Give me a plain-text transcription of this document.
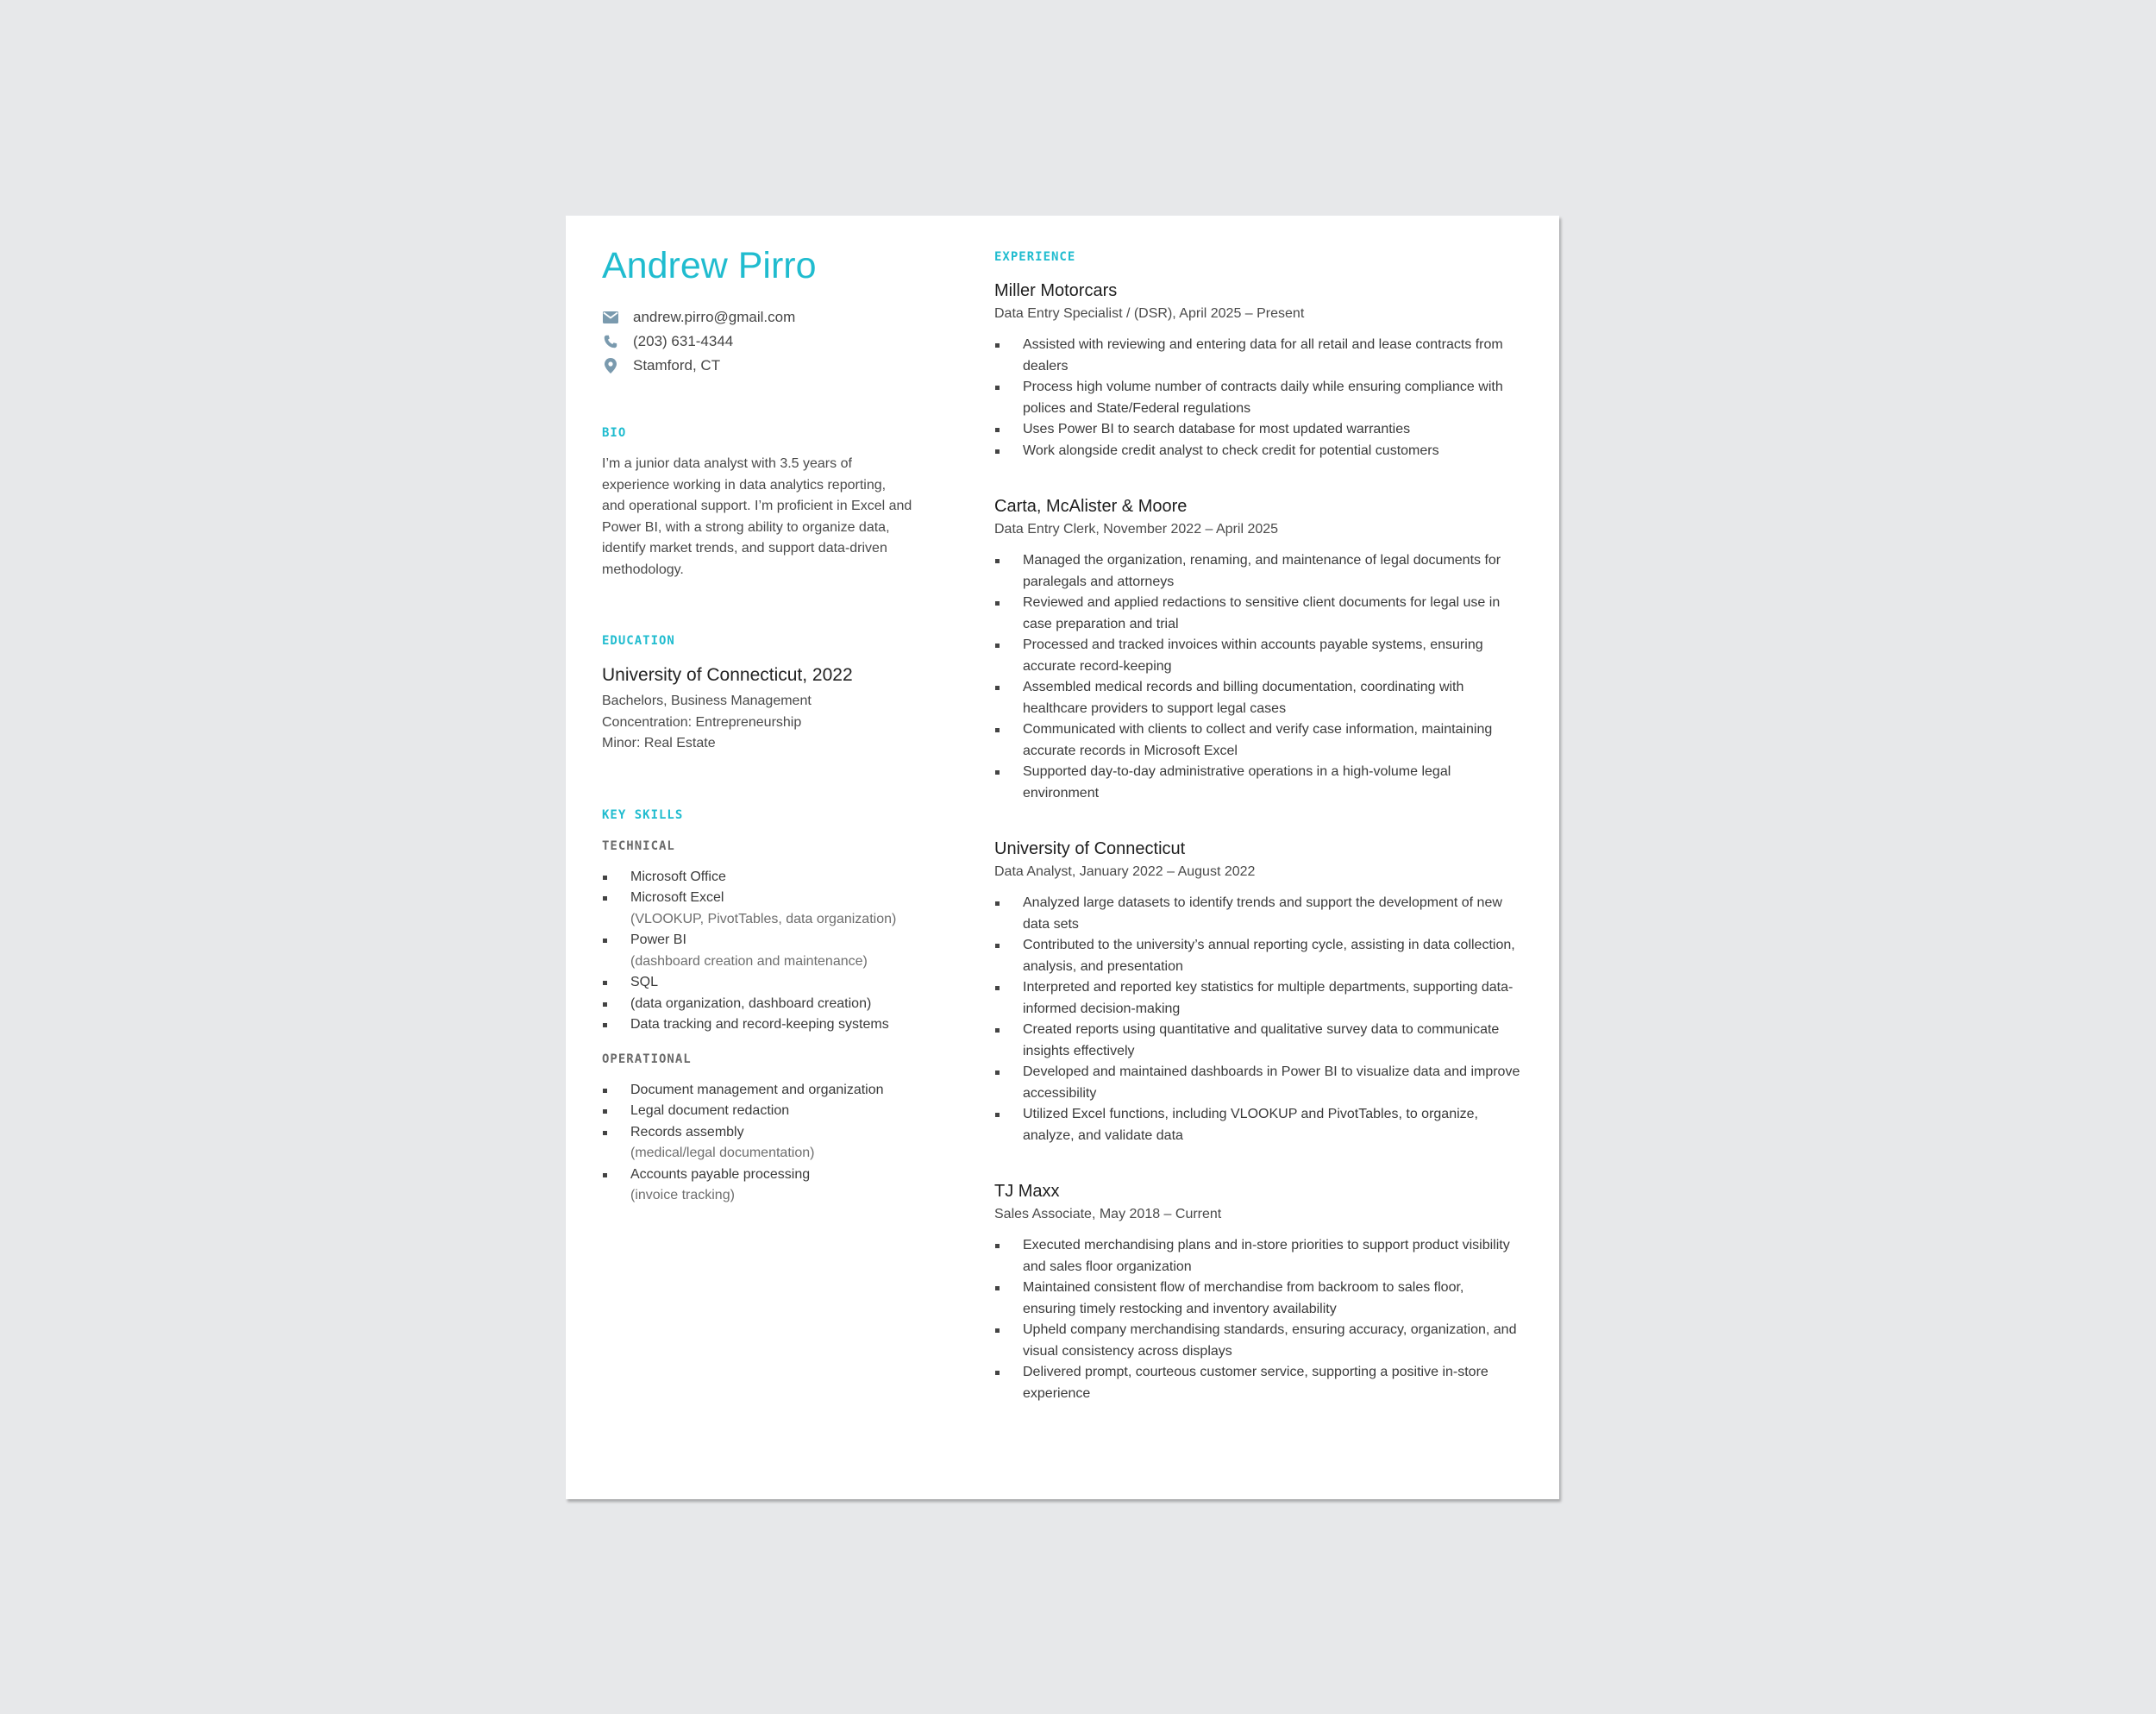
Andrew Pirro
andrew.pirro@gmail.com
(203) 631-4344
Stamford, CT
BIO

I’m a junior data analyst with 3.5 years of experience working in data analytics reporting, and operational support. I’m proficient in Excel and Power BI, with a strong ability to organize data, identify market trends, and support data-driven methodology.

EDUCATION
University of Connecticut, 2022

Bachelors, Business Management

Concentration: Entrepreneurship

Minor: Real Estate

KEY SKILLS
TECHNICAL
Microsoft Office
Microsoft Excel
(VLOOKUP, PivotTables, data organization)
Power BI
(dashboard creation and maintenance)
SQL
(data organization, dashboard creation)
Data tracking and record-keeping systems
OPERATIONAL
Document management and organization
Legal document redaction
Records assembly
(medical/legal documentation)
Accounts payable processing
(invoice tracking)
EXPERIENCE
Miller Motorcars

Data Entry Specialist / (DSR), April 2025 – Present

Assisted with reviewing and entering data for all retail and lease contracts from dealers
Process high volume number of contracts daily while ensuring compliance with polices and State/Federal regulations
Uses Power BI to search database for most updated warranties
Work alongside credit analyst to check credit for potential customers
Carta, McAlister & Moore

Data Entry Clerk, November 2022 – April 2025

Managed the organization, renaming, and maintenance of legal documents for paralegals and attorneys
Reviewed and applied redactions to sensitive client documents for legal use in case preparation and trial
Processed and tracked invoices within accounts payable systems, ensuring accurate record-keeping
Assembled medical records and billing documentation, coordinating with healthcare providers to support legal cases
Communicated with clients to collect and verify case information, maintaining accurate records in Microsoft Excel
Supported day-to-day administrative operations in a high-volume legal environment
University of Connecticut

Data Analyst, January 2022 – August 2022

Analyzed large datasets to identify trends and support the development of new data sets
Contributed to the university’s annual reporting cycle, assisting in data collection, analysis, and presentation
Interpreted and reported key statistics for multiple departments, supporting data-informed decision-making
Created reports using quantitative and qualitative survey data to communicate insights effectively
Developed and maintained dashboards in Power BI to visualize data and improve accessibility
Utilized Excel functions, including VLOOKUP and PivotTables, to organize, analyze, and validate data
TJ Maxx

Sales Associate, May 2018 – Current

Executed merchandising plans and in-store priorities to support product visibility and sales floor organization
Maintained consistent flow of merchandise from backroom to sales floor, ensuring timely restocking and inventory availability
Upheld company merchandising standards, ensuring accuracy, organization, and visual consistency across displays
Delivered prompt, courteous customer service, supporting a positive in-store experience
